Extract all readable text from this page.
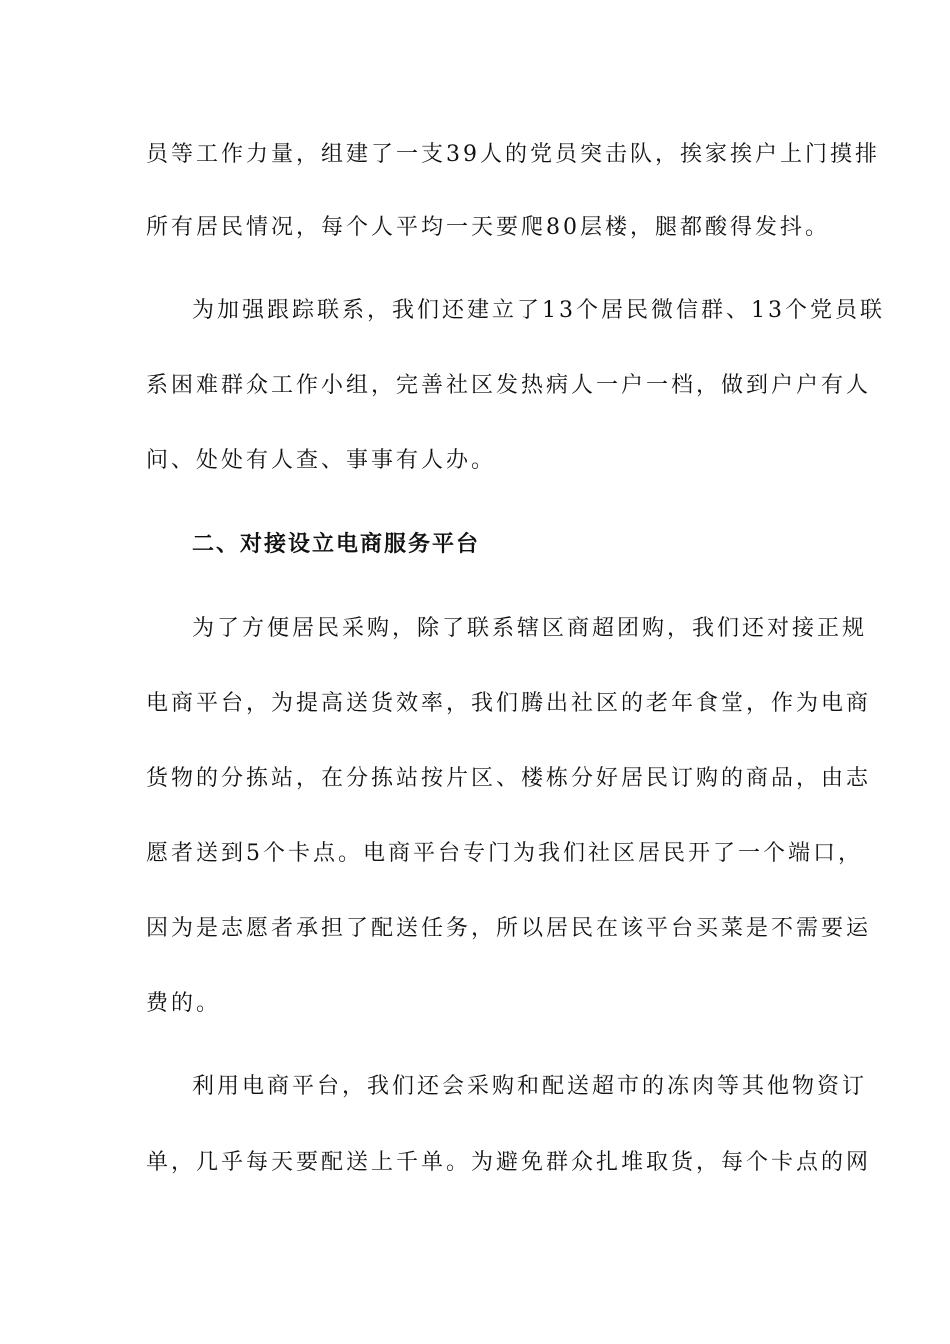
员等工作力量，组建了一支39人的党员突击队，挨家挨户上门摸排
所有居民情况，每个人平均一天要爬80层楼，腿都酸得发抖。
为加强跟踪联系，我们还建立了13个居民微信群、13个党员联
系困难群众工作小组，完善社区发热病人一户一档，做到户户有人
问、处处有人查、事事有人办。
二、对接设立电商服务平台
为了方便居民采购，除了联系辖区商超团购，我们还对接正规
电商平台，为提高送货效率，我们腾出社区的老年食堂，作为电商
货物的分拣站，在分拣站按片区、楼栋分好居民订购的商品，由志
愿者送到5个卡点。电商平台专门为我们社区居民开了一个端口，
因为是志愿者承担了配送任务，所以居民在该平台买菜是不需要运
费的。
利用电商平台，我们还会采购和配送超市的冻肉等其他物资订
单，几乎每天要配送上千单。为避免群众扎堆取货，每个卡点的网
